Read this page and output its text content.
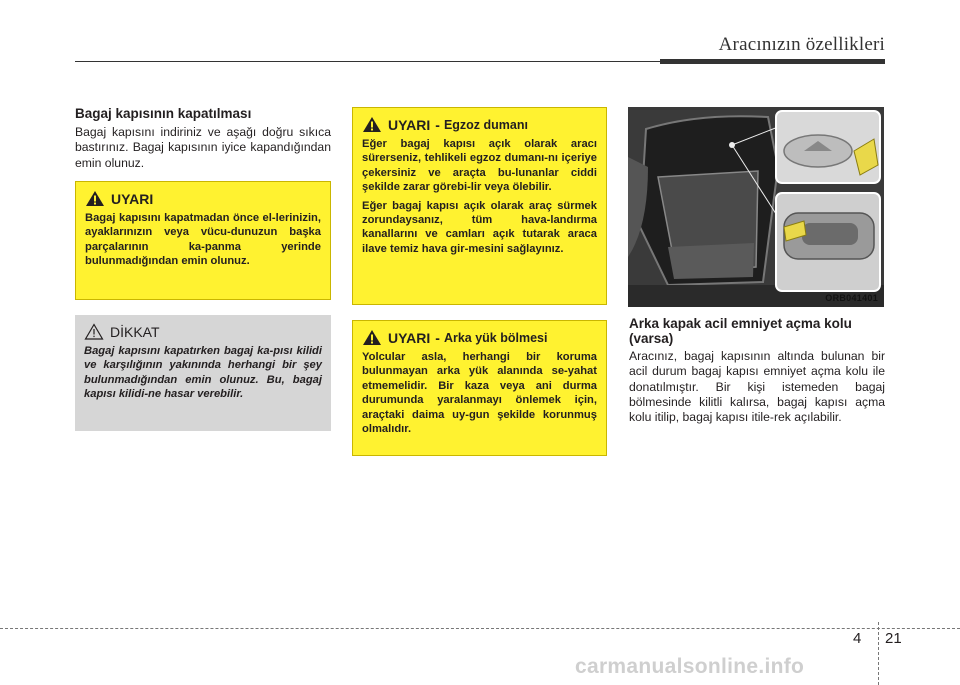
Aracınızın özellikleri
Bagaj kapısının kapatılması
Bagaj kapısını indiriniz ve aşağı doğru sıkıca bastırınız. Bagaj kapısının iyice kapandığından emin olunuz.
UYARI
Bagaj kapısını kapatmadan önce el-lerinizin, ayaklarınızın veya vücu-dunuzun başka parçalarının ka-panma yerinde bulunmadığından emin olunuz.
DİKKAT
Bagaj kapısını kapatırken bagaj ka-pısı kilidi ve karşılığının yakınında herhangi bir şey bulunmadığından emin olunuz. Bu, bagaj kapısı kilidi-ne hasar verebilir.
UYARI - Egzoz dumanı
Eğer bagaj kapısı açık olarak aracı sürerseniz, tehlikeli egzoz dumanı-nı içeriye çekersiniz ve araçta bu-lunanlar ciddi şekilde zarar görebi-lir veya ölebilir.
Eğer bagaj kapısı açık olarak araç sürmek zorundaysanız, tüm hava-landırma kanallarını ve camları açık tutarak araca ilave temiz hava gir-mesini sağlayınız.
UYARI - Arka yük bölmesi
Yolcular asla, herhangi bir koruma bulunmayan arka yük alanında se-yahat etmemelidir. Bir kaza veya ani durma durumunda yaralanmayı önlemek için, araçtaki daima uy-gun şekilde korunmuş olmalıdır.
ORB041401
Arka kapak acil emniyet açma kolu (varsa)
Aracınız, bagaj kapısının altında bulunan bir acil durum bagaj kapısı emniyet açma kolu ile donatılmıştır. Bir kişi istemeden bagaj bölmesinde kilitli kalırsa, bagaj kapısı açma kolu itilip, bagaj kapısı itile-rek açılabilir.
4 21
carmanualsonline.info
